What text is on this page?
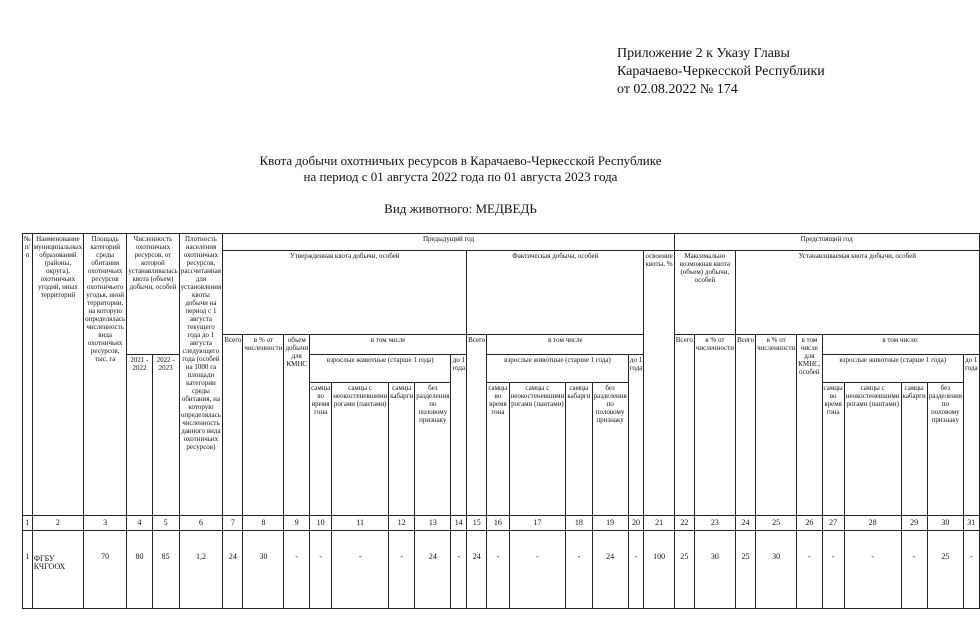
Приложение 2 к Указу Главы
Карачаево-Черкесской Республики
от 02.08.2022 № 174
Квота добычи охотничьих ресурсов в Карачаево-Черкесской Республике
на период с 01 августа 2022 года по 01 августа 2023 года
Вид животного: МЕДВЕДЬ
№ п/п	Наименование муниципальных образований (районы, округа), охотничьих угодий, иных территорий	Площадь категорий среды обитания охотничьих ресурсов охотничьего угодья, иной территории, на которую определялась численность вида охотничьих ресурсов, тыс. га	Численность охотничьих ресурсов, от которой устанавливалась квота (объем) добычи, особей		Плотность населения охотничьих ресурсов, рассчитанная для установления квоты добычи на период с 1 августа текущего года до 1 августа следующего года (особей на 1000 га площади категории среды обитания, на которую определялась численность данного вида охотничьих ресурсов)	Предыдущий год															Предстоящий год									
						Утвержденная квота добычи, особей								Фактическая добыча, особей						освоение квоты, %	Максимально возможная квота (объем) добычи, особей		Устанавливаемая квота добычи, особей							
						Всего	в % от численности	объем добычи для КМНС	в том числе					Всего	в том числе						Всего	в % от численности	Всего	в % от численности	в том числе для КМНС, особей	в том числе:				
			2021 - 2022	2022 - 2023					взрослые животные (старше 1 года)				до 1 года		взрослые животные (старше 1 года)				до 1 года							взрослые животные (старше 1 года)				до 1 года
									самцы во время гона	самцы с неокостеневшими рогами (пантами)	самцы кабарги	без разделения по половому признаку			самцы во время гона	самцы с неокостеневшими рогами (пантами)	самцы кабарги	без разделения по половому признаку								самцы во время гона	самцы с неокостеневшими рогами (пантами)	самцы кабарги	без разделения по половому признаку	
1	2	3	4	5	6	7	8	9	10	11	12	13	14	15	16	17	18	19	20	21	22	23	24	25	26	27	28	29	30	31
1	ФГБУ КЧГООХ	70	80	85	1,2	24	30	-	-	-	-	24	-	24	-	-	-	24	-	100	25	30	25	30	-	-	-	-	25	-
